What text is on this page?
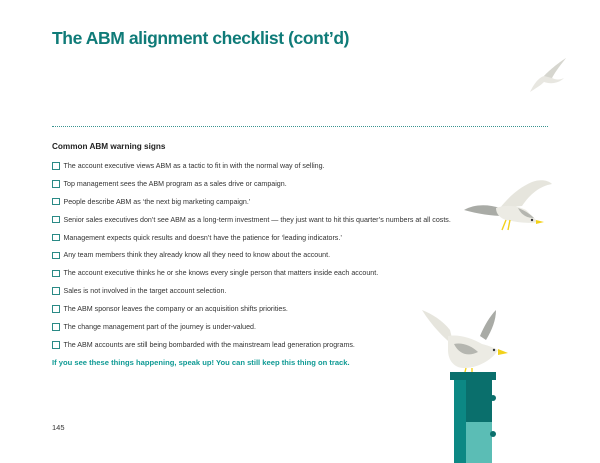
The ABM alignment checklist (cont’d)
Common ABM warning signs
The account executive views ABM as a tactic to fit in with the normal way of selling.
Top management sees the ABM program as a sales drive or campaign.
People describe ABM as ‘the next big marketing campaign.’
Senior sales executives don’t see ABM as a long-term investment — they just want to hit this quarter’s numbers at all costs.
Management expects quick results and doesn’t have the patience for ‘leading indicators.’
Any team members think they already know all they need to know about the account.
The account executive thinks he or she knows every single person that matters inside each account.
Sales is not involved in the target account selection.
The ABM sponsor leaves the company or an acquisition shifts priorities.
The change management part of the journey is under-valued.
The ABM accounts are still being bombarded with the mainstream lead generation programs.

If you see these things happening, speak up! You can still keep this thing on track.

145
